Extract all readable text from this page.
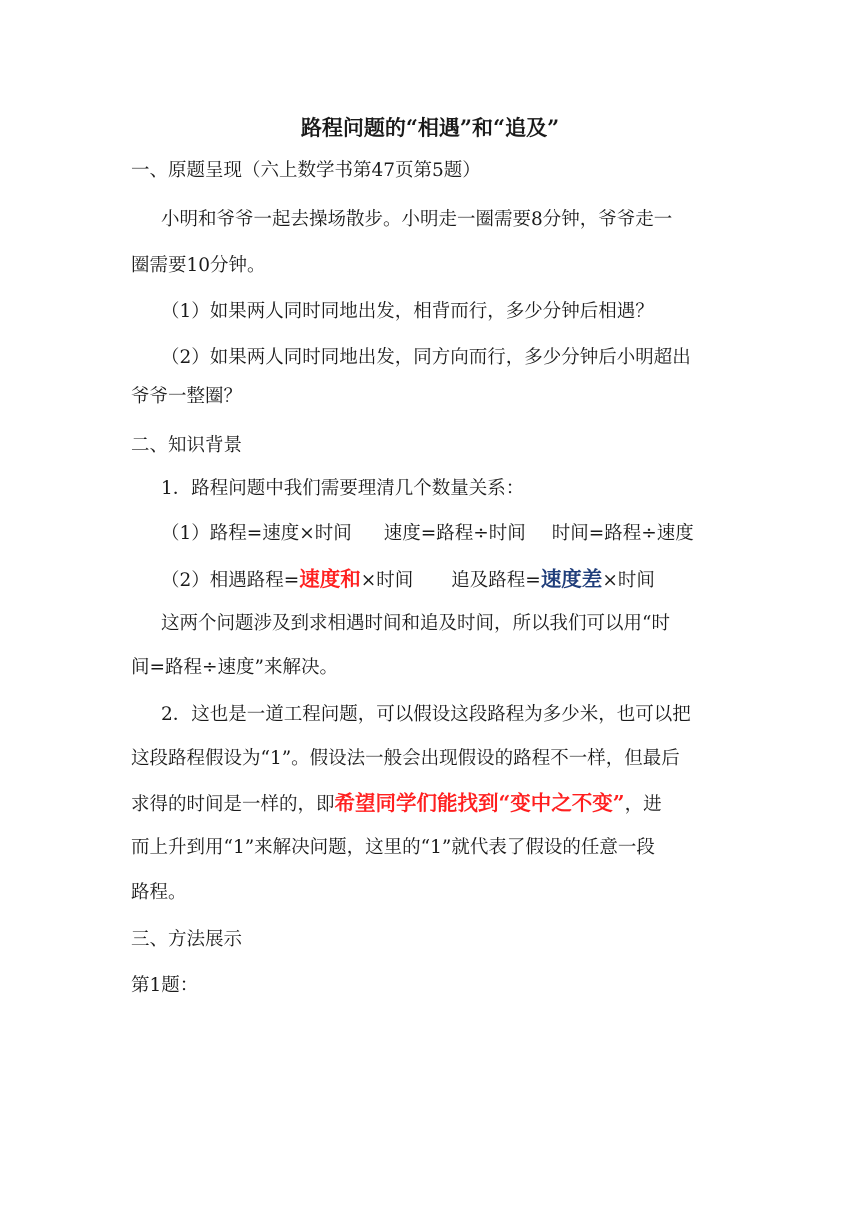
路程问题的“相遇”和“追及”
一、原题呈现（六上数学书第47页第5题）
小明和爷爷一起去操场散步。小明走一圈需要8分钟，爷爷走一
圈需要10分钟。
（1）如果两人同时同地出发，相背而行，多少分钟后相遇？
（2）如果两人同时同地出发，同方向而行，多少分钟后小明超出
爷爷一整圈？
二、知识背景
1．路程问题中我们需要理清几个数量关系：
（1）路程=速度×时间 速度=路程÷时间 时间=路程÷速度
（2）相遇路程=速度和×时间 追及路程=速度差×时间
这两个问题涉及到求相遇时间和追及时间，所以我们可以用“时
间=路程÷速度”来解决。
2．这也是一道工程问题，可以假设这段路程为多少米，也可以把
这段路程假设为“1”。假设法一般会出现假设的路程不一样，但最后
求得的时间是一样的，即希望同学们能找到“变中之不变”，进
而上升到用“1”来解决问题，这里的“1”就代表了假设的任意一段
路程。
三、方法展示
第1题：
